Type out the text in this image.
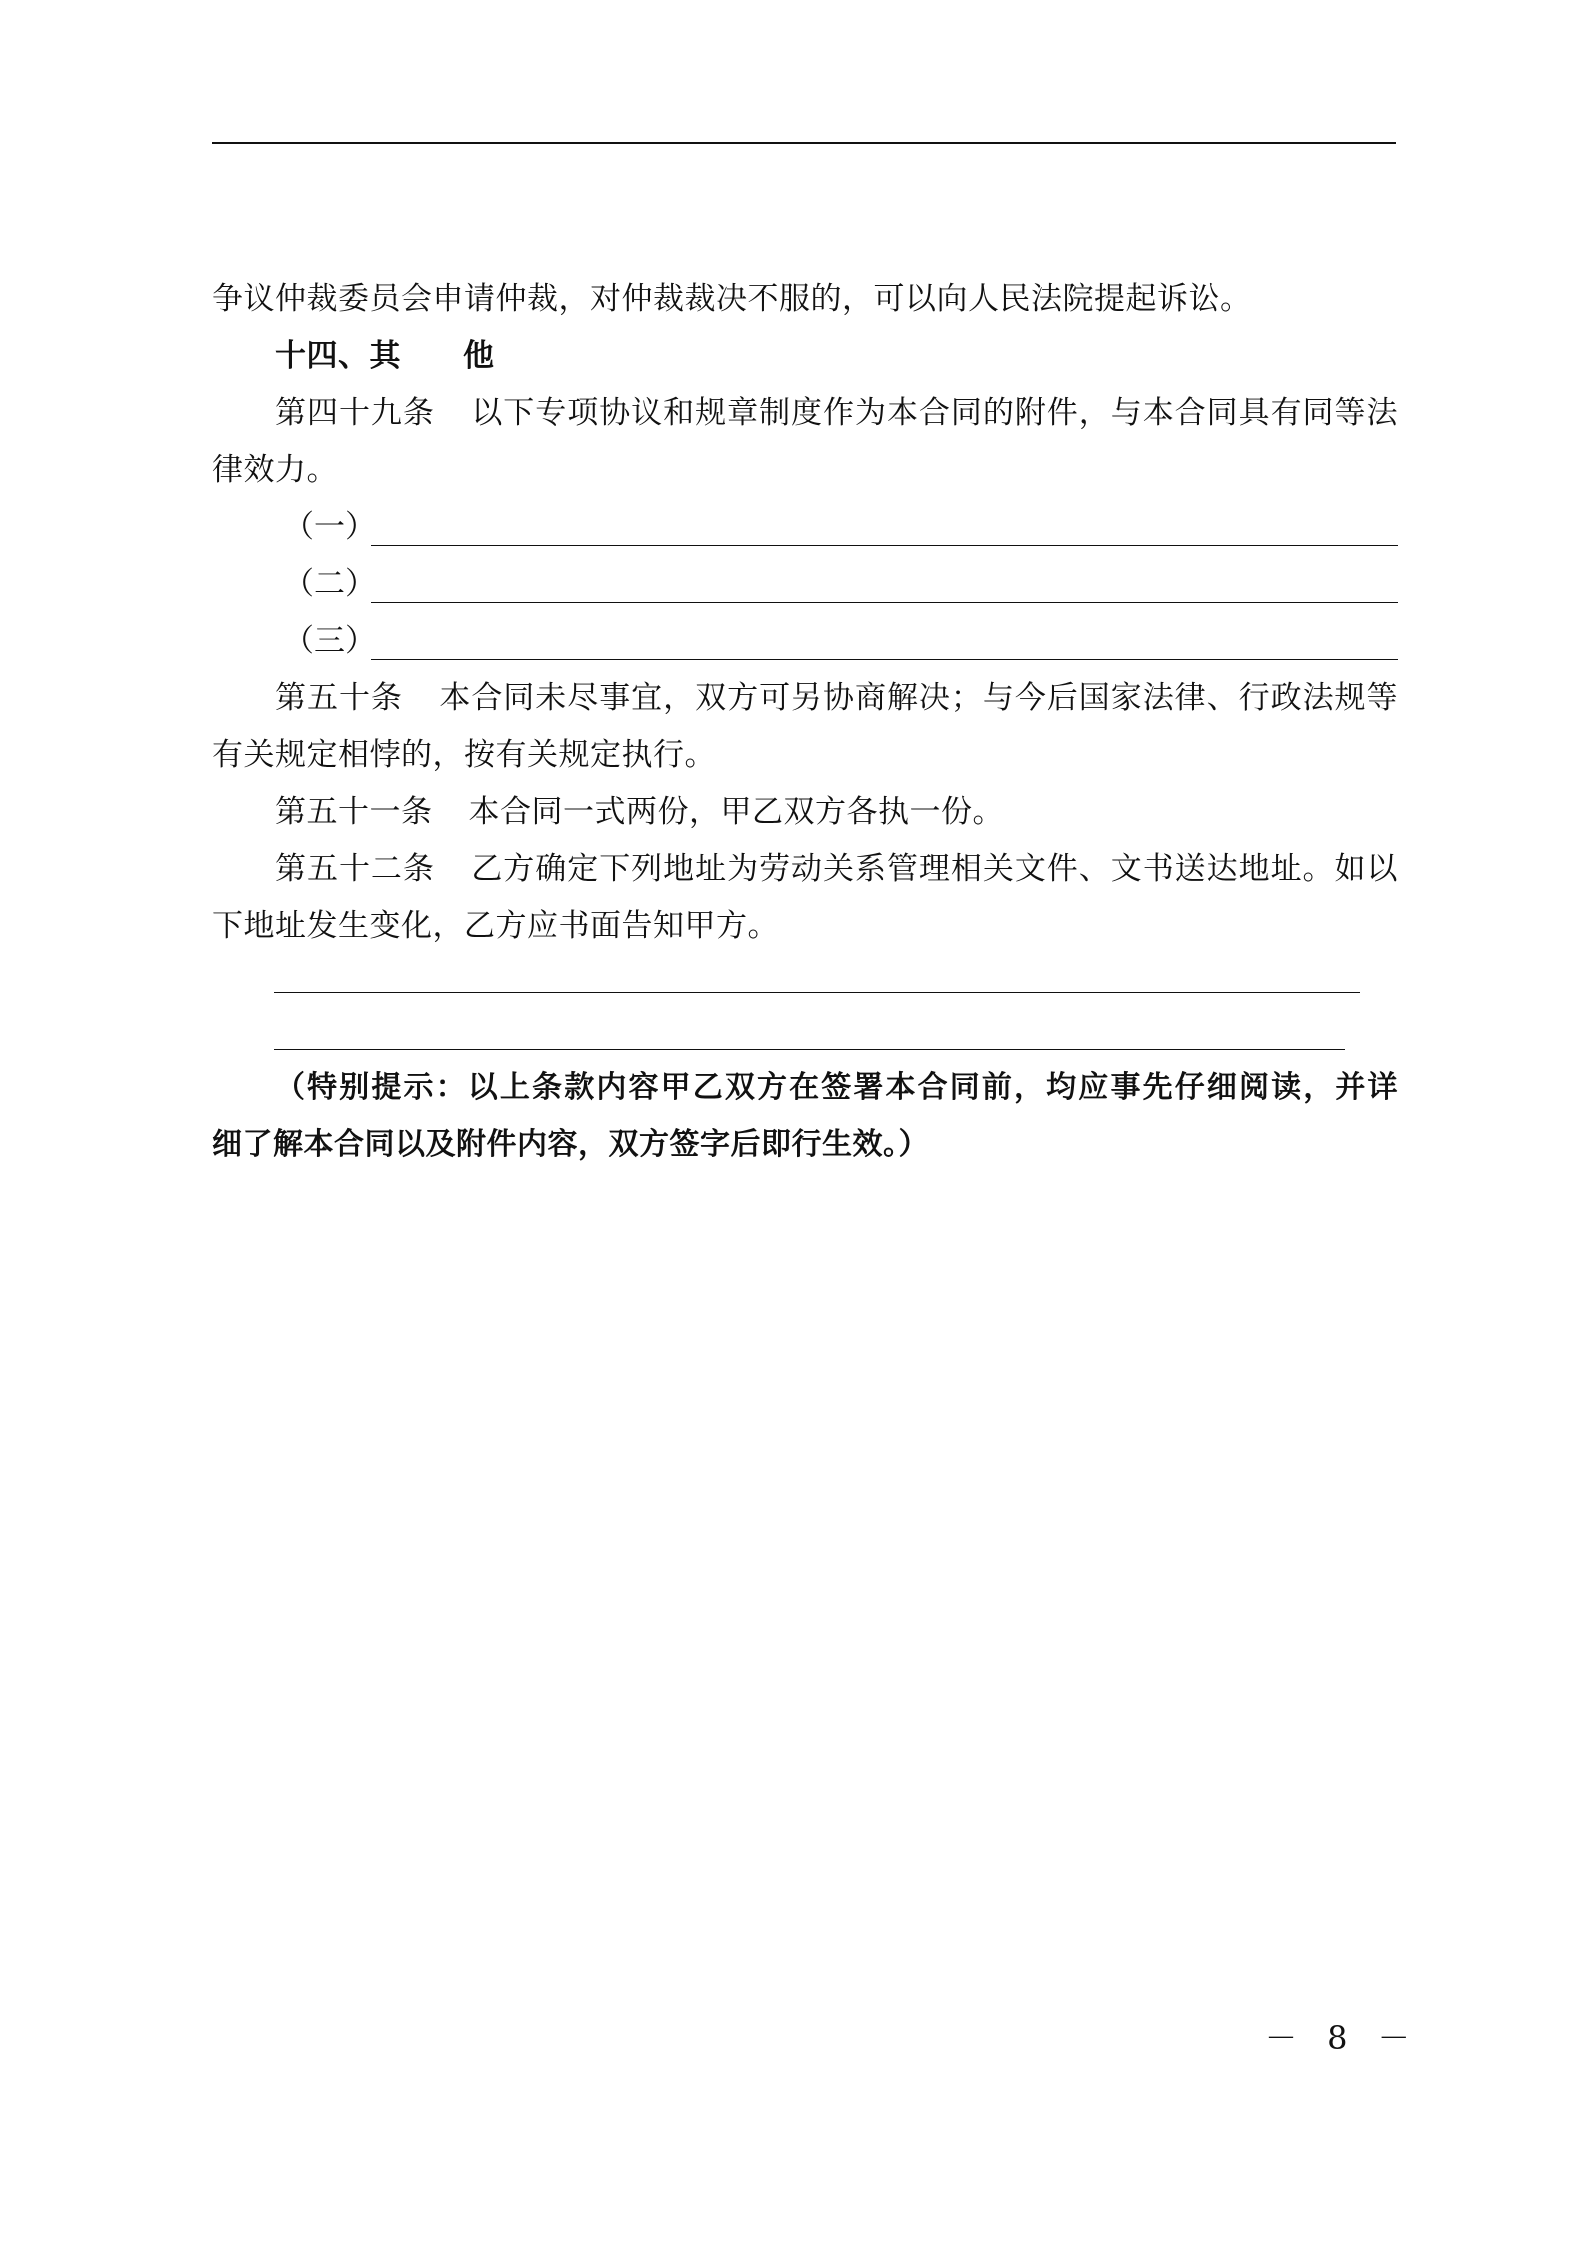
争议仲裁委员会申请仲裁，对仲裁裁决不服的，可以向人民法院提起诉讼。
十四、其 他
第四十九条 以下专项协议和规章制度作为本合同的附件，与本合同具有同等法
律效力。
（一）
（二）
（三）
第五十条 本合同未尽事宜，双方可另协商解决；与今后国家法律、行政法规等
有关规定相悖的，按有关规定执行。
第五十一条 本合同一式两份，甲乙双方各执一份。
第五十二条 乙方确定下列地址为劳动关系管理相关文件、文书送达地址。如以
下地址发生变化，乙方应书面告知甲方。
（特别提示：以上条款内容甲乙双方在签署本合同前，均应事先仔细阅读，并详
细了解本合同以及附件内容，双方签字后即行生效。）
－ 8 －
